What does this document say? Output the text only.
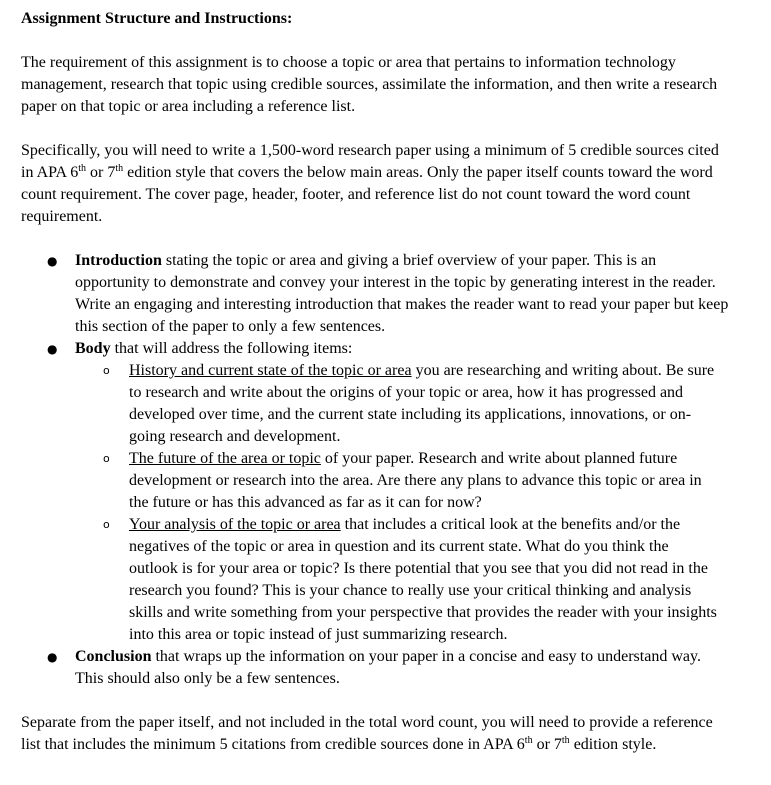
Assignment Structure and Instructions:

The requirement of this assignment is to choose a topic or area that pertains to information technology management, research that topic using credible sources, assimilate the information, and then write a research paper on that topic or area including a reference list.

Specifically, you will need to write a 1,500-word research paper using a minimum of 5 credible sources cited in APA 6th or 7th edition style that covers the below main areas. Only the paper itself counts toward the word count requirement. The cover page, header, footer, and reference list do not count toward the word count requirement.

● Introduction stating the topic or area and giving a brief overview of your paper. This is an opportunity to demonstrate and convey your interest in the topic by generating interest in the reader. Write an engaging and interesting introduction that makes the reader want to read your paper but keep this section of the paper to only a few sentences.
● Body that will address the following items:
o History and current state of the topic or area you are researching and writing about. Be sure to research and write about the origins of your topic or area, how it has progressed and developed over time, and the current state including its applications, innovations, or on-going research and development.
o The future of the area or topic of your paper. Research and write about planned future development or research into the area. Are there any plans to advance this topic or area in the future or has this advanced as far as it can for now?
o Your analysis of the topic or area that includes a critical look at the benefits and/or the negatives of the topic or area in question and its current state. What do you think the outlook is for your area or topic? Is there potential that you see that you did not read in the research you found? This is your chance to really use your critical thinking and analysis skills and write something from your perspective that provides the reader with your insights into this area or topic instead of just summarizing research.
● Conclusion that wraps up the information on your paper in a concise and easy to understand way. This should also only be a few sentences.

Separate from the paper itself, and not included in the total word count, you will need to provide a reference list that includes the minimum 5 citations from credible sources done in APA 6th or 7th edition style.
